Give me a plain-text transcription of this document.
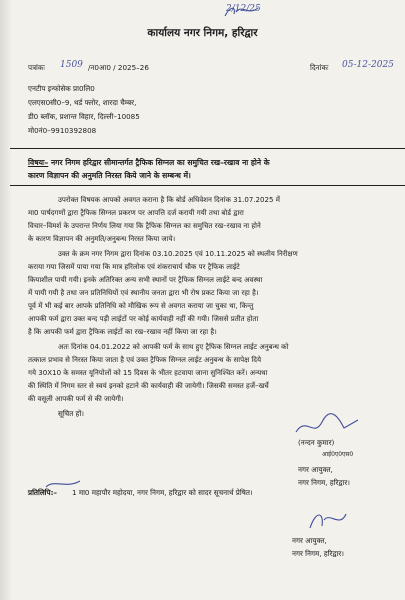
2/12/25
कार्यालय नगर निगम, हरिद्वार
पत्रांकः 1509 /न0आ0 / 2025–26	दिनांकः 05-12-2025
एनटीप इन्फोसेक प्रा0लि0
एलएस0सी0–9, थर्ड फ्लोर, शारदा चैम्बर,
डी0 ब्लॉक, प्रशान्त विहार, दिल्ली–10085
मो0नं0–9910392808
विषयः– नगर निगम हरिद्वार सीमान्तर्गत ट्रैफिक सिग्नल का समुचित रख–रखाव ना होने के
कारण विज्ञापन की अनुमति निरस्त किये जाने के सम्बन्ध में।
उपरोक्त विषयक आपको अवगत कराना है कि बोर्ड अधिवेशन दिनांक 31.07.2025 में
मा0 पार्षदगणों द्वारा ट्रैफिक सिग्नल प्रकरण पर आपत्ति दर्ज करायी गयी तथा बोर्ड द्वारा
विचार–विमर्श के उपरान्त निर्णय लिया गया कि ट्रैफिक सिग्नल का समुचित रख–रखाव ना होने
के कारण विज्ञापन की अनुमति/अनुबन्ध निरस्त किया जाये।
उक्त के क्रम नगर निगम द्वारा दिनांक 03.10.2025 एवं 10.11.2025 को स्थलीय निरीक्षण
कराया गया जिसमें पाया गया कि मात्र हरिलोक एवं शंकराचार्य चौक पर ट्रैफिक लाईटे
कियाशील पायी गयी। इनके अतिरिक्त अन्य सभी स्थानों पर ट्रैफिक सिग्नल लाईटे बन्द अवस्था
में पायी गयी है तथा जन प्रतिनिधियों एवं स्थानीय जनता द्वारा भी रोष प्रकट किया जा रहा है।
पूर्व में भी कई बार आपके प्रतिनिधि को मौखिक रूप से अवगत कराया जा चुका था, किन्तु
आपकी फर्म द्वारा उक्त बन्द पड़ी लाईटों पर कोई कार्यवाही नहीं की गयी। जिससे प्रतीत होता
है कि आपकी फर्म द्वारा ट्रैफिक लाईटों का रख–रखाव नहीं किया जा रहा है।
अतः दिनांक 04.01.2022 को आपकी फर्म के साथ हुए ट्रैफिक सिग्नल लाईट अनुबन्ध को
तत्काल प्रभाव से निरस्त किया जाता है एवं उक्त ट्रैफिक सिग्नल लाईट अनुबन्ध के सापेक्ष दिये
गये 30X10 के समस्त यूनिपोलों को 15 दिवस के भीतर हटवाया जाना सुनिश्चित करें। अन्यथा
की स्थिति में निगम स्तर से स्वयं इनको हटाने की कार्यवाही की जायेगी। जिसकी समस्त हर्जे–खर्चे
की वसूली आपकी फर्म से की जायेगी।
सूचित हों।
(नन्दन कुमार)
आई0ए0एस0
नगर आयुक्त,
नगर निगम, हरिद्वार।
प्रतिलिपि:– 1 मा0 महापौर महोदया, नगर निगम, हरिद्वार को सादर सूचनार्थ प्रेषित।
नगर आयुक्त,
नगर निगम, हरिद्वार।
